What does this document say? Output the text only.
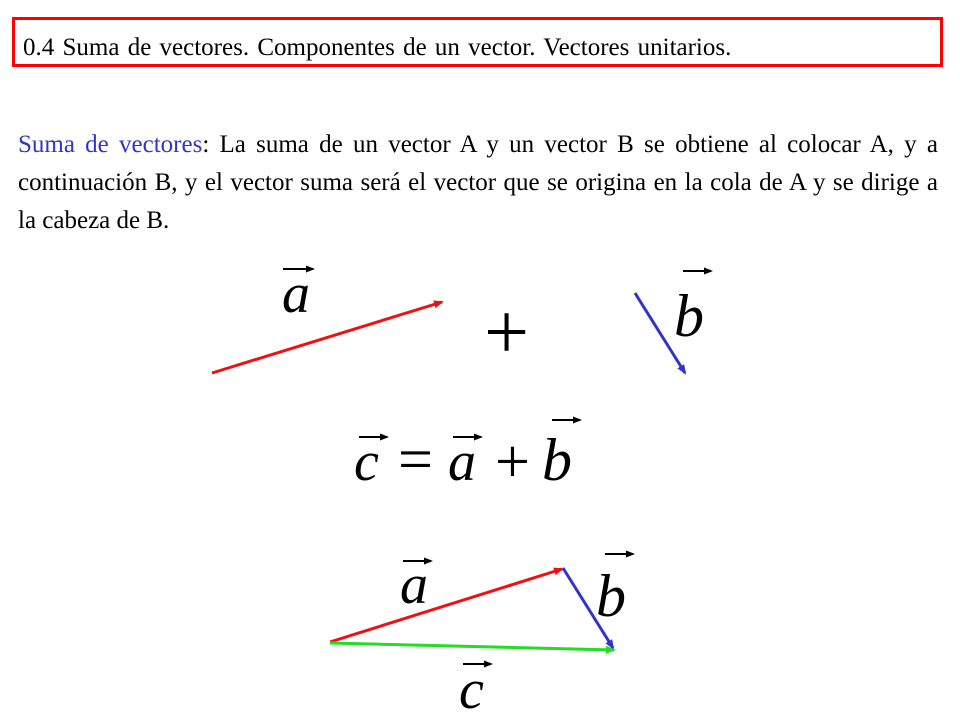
0.4 Suma de vectores. Componentes de un vector. Vectores unitarios.
Suma de vectores: La suma de un vector A y un vector B se obtiene al colocar A, y a continuación B, y el vector suma será el vector que se origina en la cola de A y se dirige a la cabeza de B.
a + b
c = a + b
a	b
c
